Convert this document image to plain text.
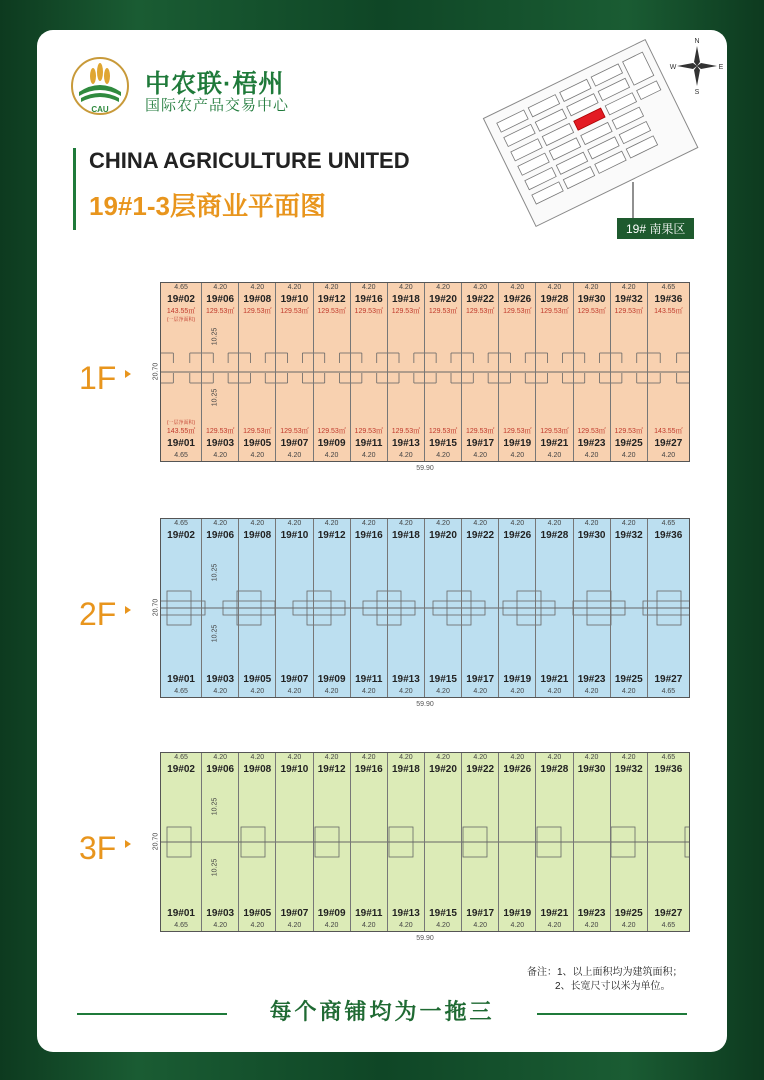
CAU
中农联·梧州
国际农产品交易中心
CHINA AGRICULTURE UNITED
19#1-3层商业平面图
N
S
W	E
19# 南果区
1F
4.65
19#02
143.55㎡
(一层净面积)
4.20
19#06
129.53㎡
10.25
4.20
19#08
129.53㎡
4.20
19#10
129.53㎡
4.20
19#12
129.53㎡
4.20
19#16
129.53㎡
4.20
19#18
129.53㎡
4.20
19#20
129.53㎡
4.20
19#22
129.53㎡
4.20
19#26
129.53㎡
4.20
19#28
129.53㎡
4.20
19#30
129.53㎡
4.20
19#32
129.53㎡
4.65
19#36
143.55㎡
(一层净面积)
143.55㎡
19#01
4.65
129.53㎡
19#03
4.20
10.25
129.53㎡
19#05
4.20
129.53㎡
19#07
4.20
129.53㎡
19#09
4.20
129.53㎡
19#11
4.20
129.53㎡
19#13
4.20
129.53㎡
19#15
4.20
129.53㎡
19#17
4.20
129.53㎡
19#19
4.20
129.53㎡
19#21
4.20
129.53㎡
19#23
4.20
129.53㎡
19#25
4.20
143.55㎡
19#27
4.20
59.90
20.70
2F
4.65
19#02
4.20
19#06
10.25
4.20
19#08
4.20
19#10
4.20
19#12
4.20
19#16
4.20
19#18
4.20
19#20
4.20
19#22
4.20
19#26
4.20
19#28
4.20
19#30
4.20
19#32
4.65
19#36
19#01
4.65
19#03
4.20
10.25
19#05
4.20
19#07
4.20
19#09
4.20
19#11
4.20
19#13
4.20
19#15
4.20
19#17
4.20
19#19
4.20
19#21
4.20
19#23
4.20
19#25
4.20
19#27
4.65
59.90
20.70
3F
4.65
19#02
4.20
19#06
10.25
4.20
19#08
4.20
19#10
4.20
19#12
4.20
19#16
4.20
19#18
4.20
19#20
4.20
19#22
4.20
19#26
4.20
19#28
4.20
19#30
4.20
19#32
4.65
19#36
19#01
4.65
19#03
4.20
10.25
19#05
4.20
19#07
4.20
19#09
4.20
19#11
4.20
19#13
4.20
19#15
4.20
19#17
4.20
19#19
4.20
19#21
4.20
19#23
4.20
19#25
4.20
19#27
4.65
59.90
20.70
备注：1、以上面积均为建筑面积；
2、长宽尺寸以米为单位。
每个商铺均为一拖三
